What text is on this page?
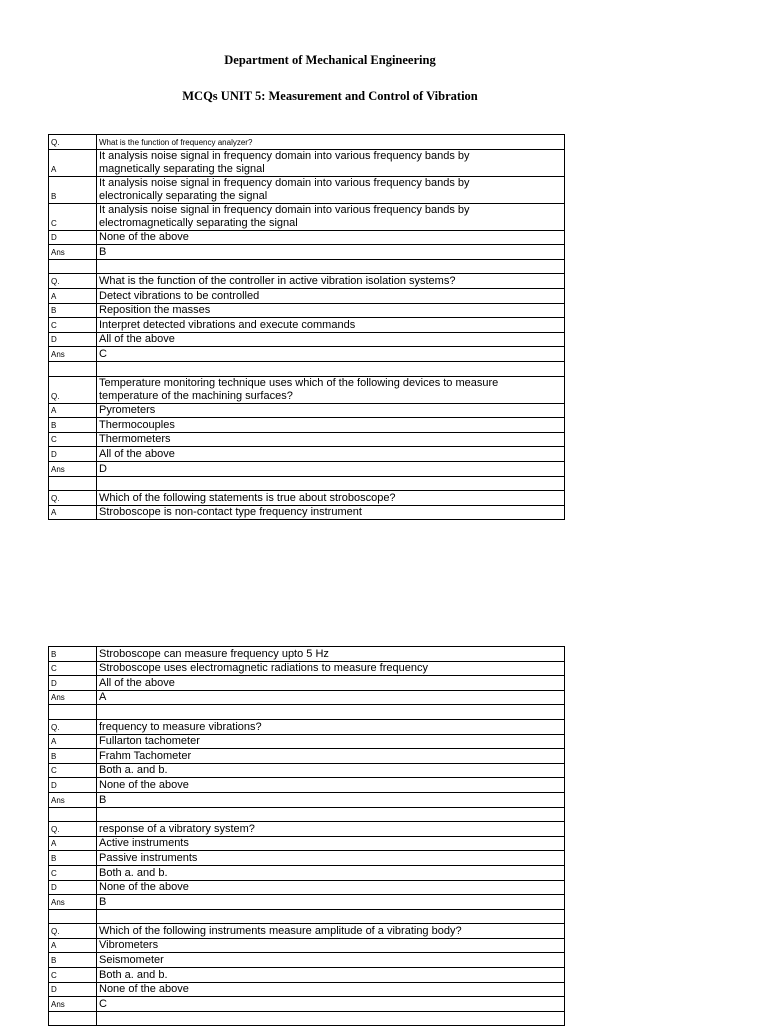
Department of Mechanical Engineering
MCQs UNIT 5: Measurement and Control of Vibration
Q.	What is the function of frequency analyzer?
A	It analysis noise signal in frequency domain into various frequency bands by
magnetically separating the signal
B	It analysis noise signal in frequency domain into various frequency bands by
electronically separating the signal
C	It analysis noise signal in frequency domain into various frequency bands by
electromagnetically separating the signal
D	None of the above
Ans	B

Q.	What is the function of the controller in active vibration isolation systems?
A	Detect vibrations to be controlled
B	Reposition the masses
C	Interpret detected vibrations and execute commands
D	All of the above
Ans	C

Q.	Temperature monitoring technique uses which of the following devices to measure
temperature of the machining surfaces?
A	Pyrometers
B	Thermocouples
C	Thermometers
D	All of the above
Ans	D

Q.	Which of the following statements is true about stroboscope?
A	Stroboscope is non-contact type frequency instrument
B	Stroboscope can measure frequency upto 5 Hz
C	Stroboscope uses electromagnetic radiations to measure frequency
D	All of the above
Ans	A

Q.	frequency to measure vibrations?
A	Fullarton tachometer
B	Frahm Tachometer
C	Both a. and b.
D	None of the above
Ans	B

Q.	response of a vibratory system?
A	Active instruments
B	Passive instruments
C	Both a. and b.
D	None of the above
Ans	B

Q.	Which of the following instruments measure amplitude of a vibrating body?
A	Vibrometers
B	Seismometer
C	Both a. and b.
D	None of the above
Ans	C
